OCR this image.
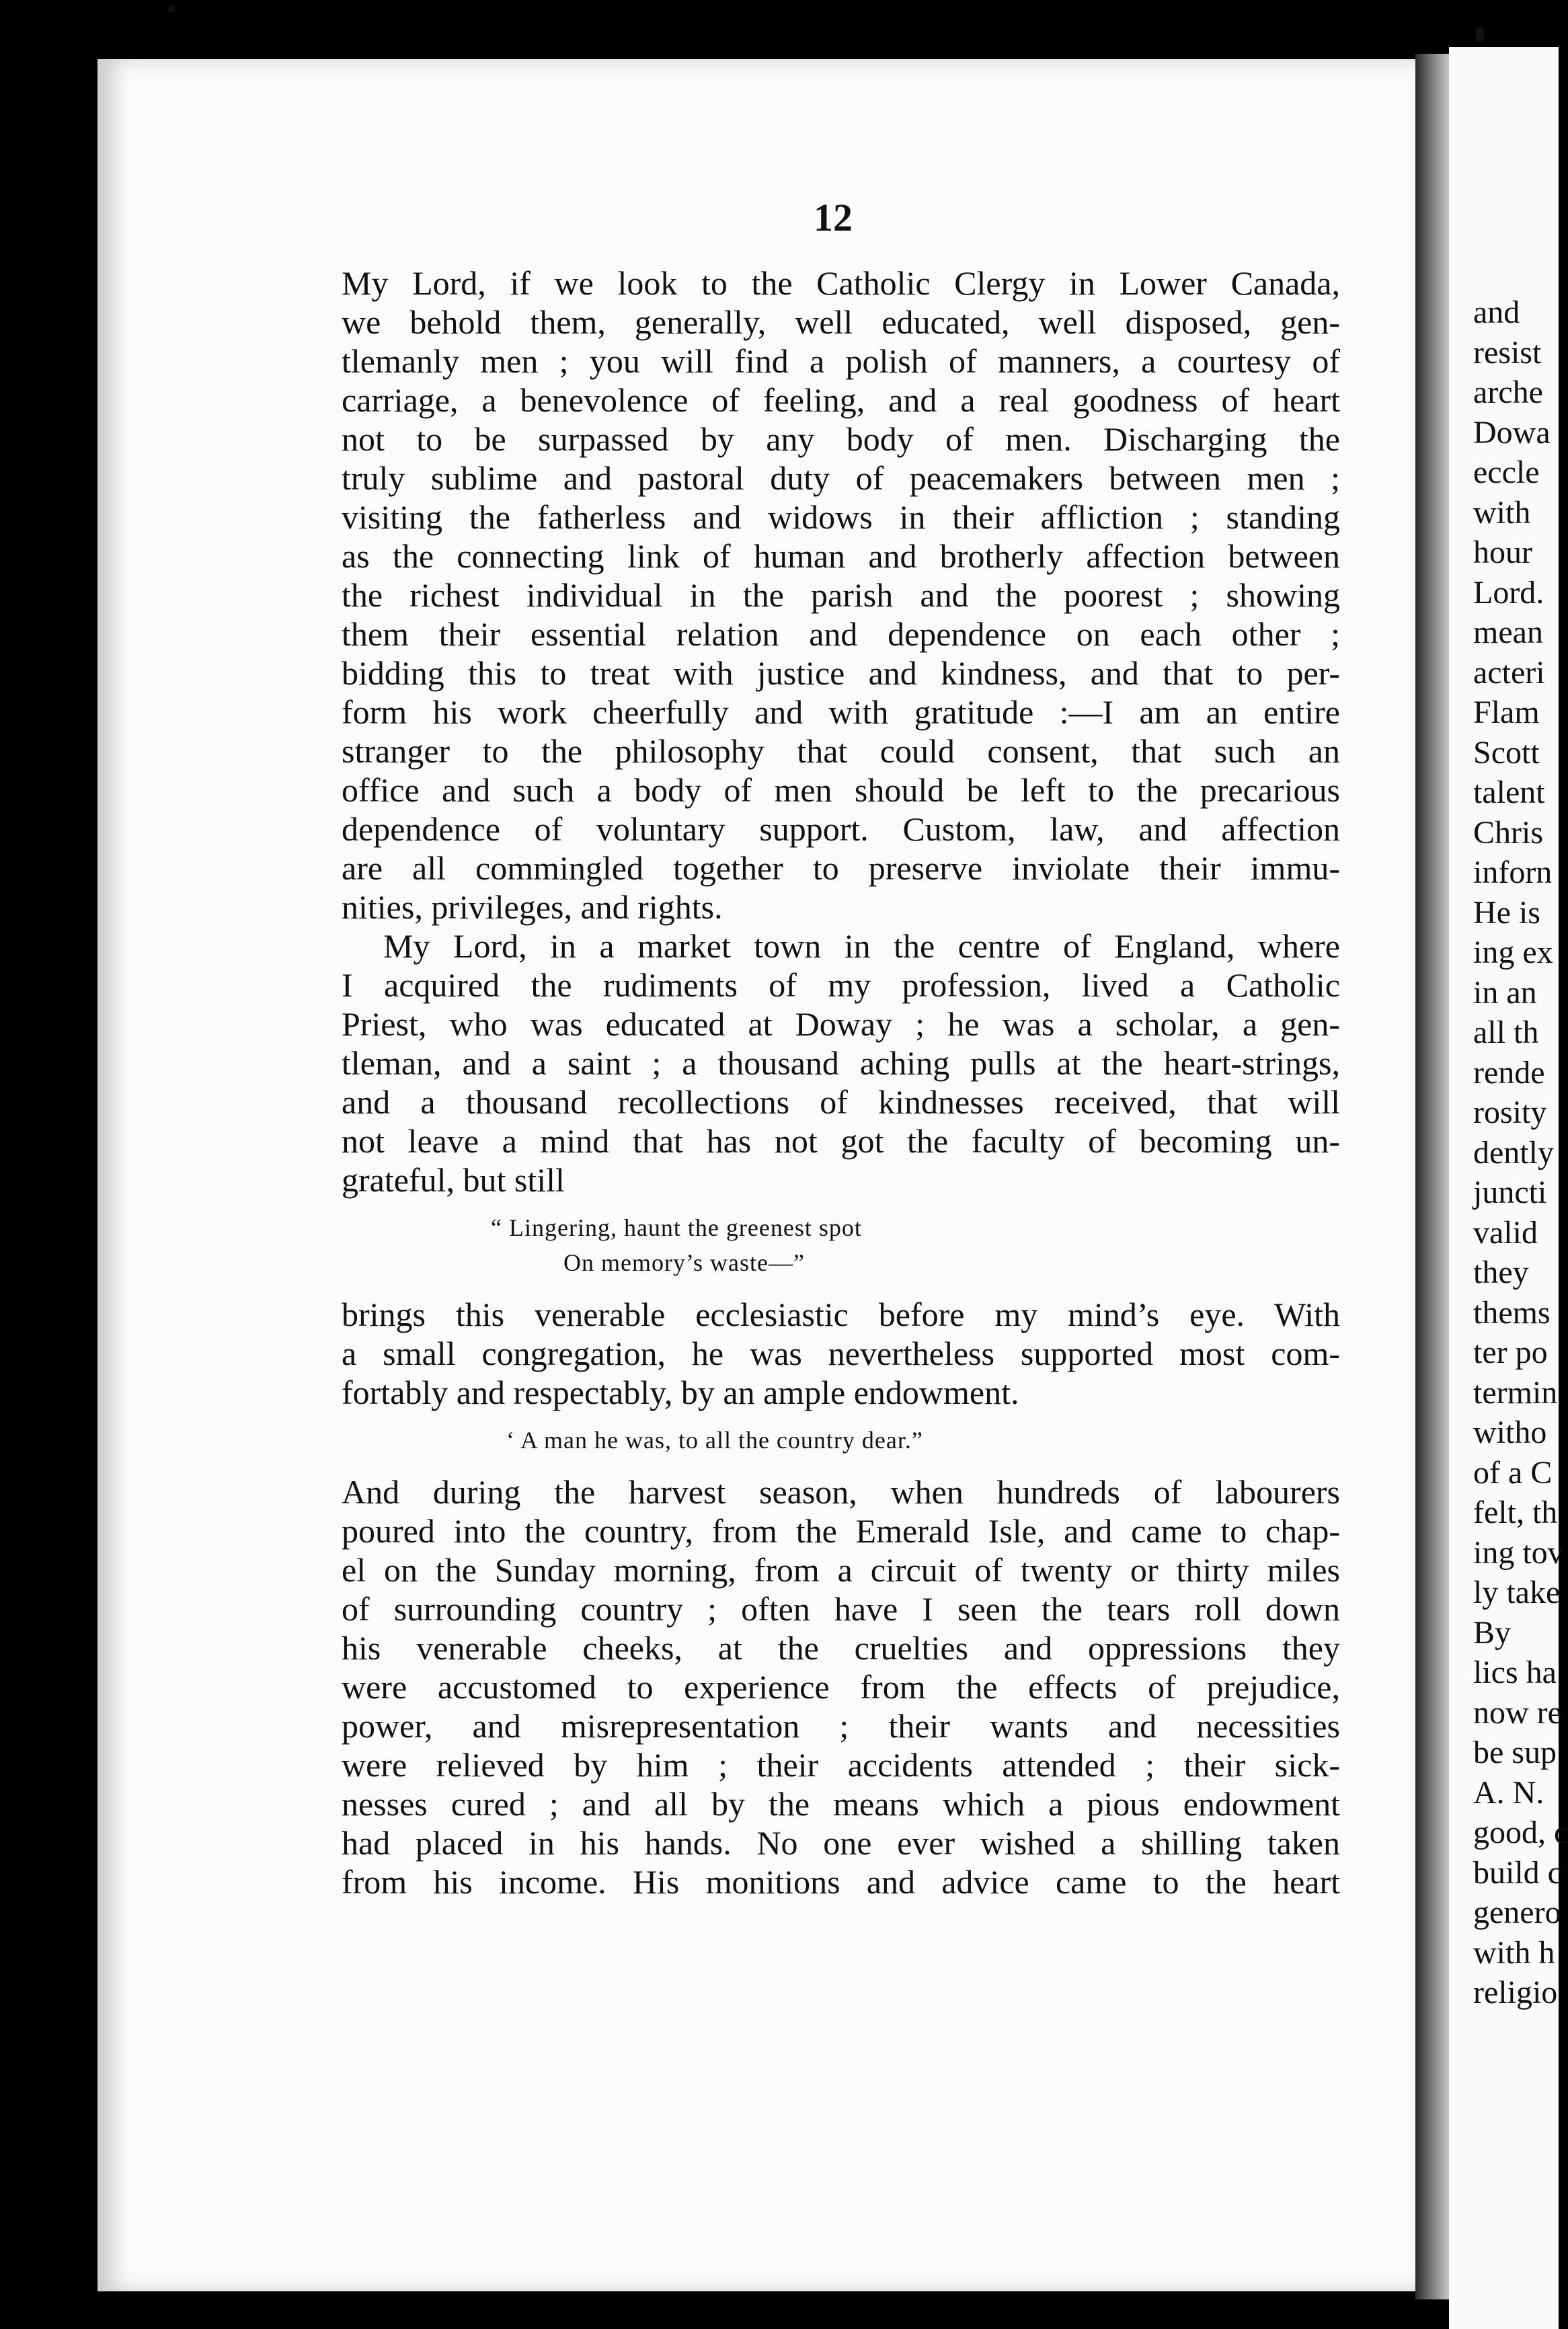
and
resist
arche
Dowa
eccle
with
hour
Lord.
mean
acteri
Flam
Scott
talent
Chris
inforn
He is
ing ex
in an
all th
rende
rosity
dently
juncti
valid
they
thems
ter po
termin
witho
of a C
felt, th
ing tov
ly take
By
lics ha
now re
be sup
A. N.
good, c
build c
genero
with h
religio
12
My Lord, if we look to the Catholic Clergy in Lower Canada,
we behold them, generally, well educated, well disposed, gen-
tlemanly men ; you will find a polish of manners, a courtesy of
carriage, a benevolence of feeling, and a real goodness of heart
not to be surpassed by any body of men. Discharging the
truly sublime and pastoral duty of peacemakers between men ;
visiting the fatherless and widows in their affliction ; standing
as the connecting link of human and brotherly affection between
the richest individual in the parish and the poorest ; showing
them their essential relation and dependence on each other ;
bidding this to treat with justice and kindness, and that to per-
form his work cheerfully and with gratitude :—I am an entire
stranger to the philosophy that could consent, that such an
office and such a body of men should be left to the precarious
dependence of voluntary support. Custom, law, and affection
are all commingled together to preserve inviolate their immu-
nities, privileges, and rights.
My Lord, in a market town in the centre of England, where
I acquired the rudiments of my profession, lived a Catholic
Priest, who was educated at Doway ; he was a scholar, a gen-
tleman, and a saint ; a thousand aching pulls at the heart-strings,
and a thousand recollections of kindnesses received, that will
not leave a mind that has not got the faculty of becoming un-
grateful, but still
“ Lingering, haunt the greenest spot
On memory’s waste—”
brings this venerable ecclesiastic before my mind’s eye. With
a small congregation, he was nevertheless supported most com-
fortably and respectably, by an ample endowment.
‘ A man he was, to all the country dear.”
And during the harvest season, when hundreds of labourers
poured into the country, from the Emerald Isle, and came to chap-
el on the Sunday morning, from a circuit of twenty or thirty miles
of surrounding country ; often have I seen the tears roll down
his venerable cheeks, at the cruelties and oppressions they
were accustomed to experience from the effects of prejudice,
power, and misrepresentation ; their wants and necessities
were relieved by him ; their accidents attended ; their sick-
nesses cured ; and all by the means which a pious endowment
had placed in his hands. No one ever wished a shilling taken
from his income. His monitions and advice came to the heart
